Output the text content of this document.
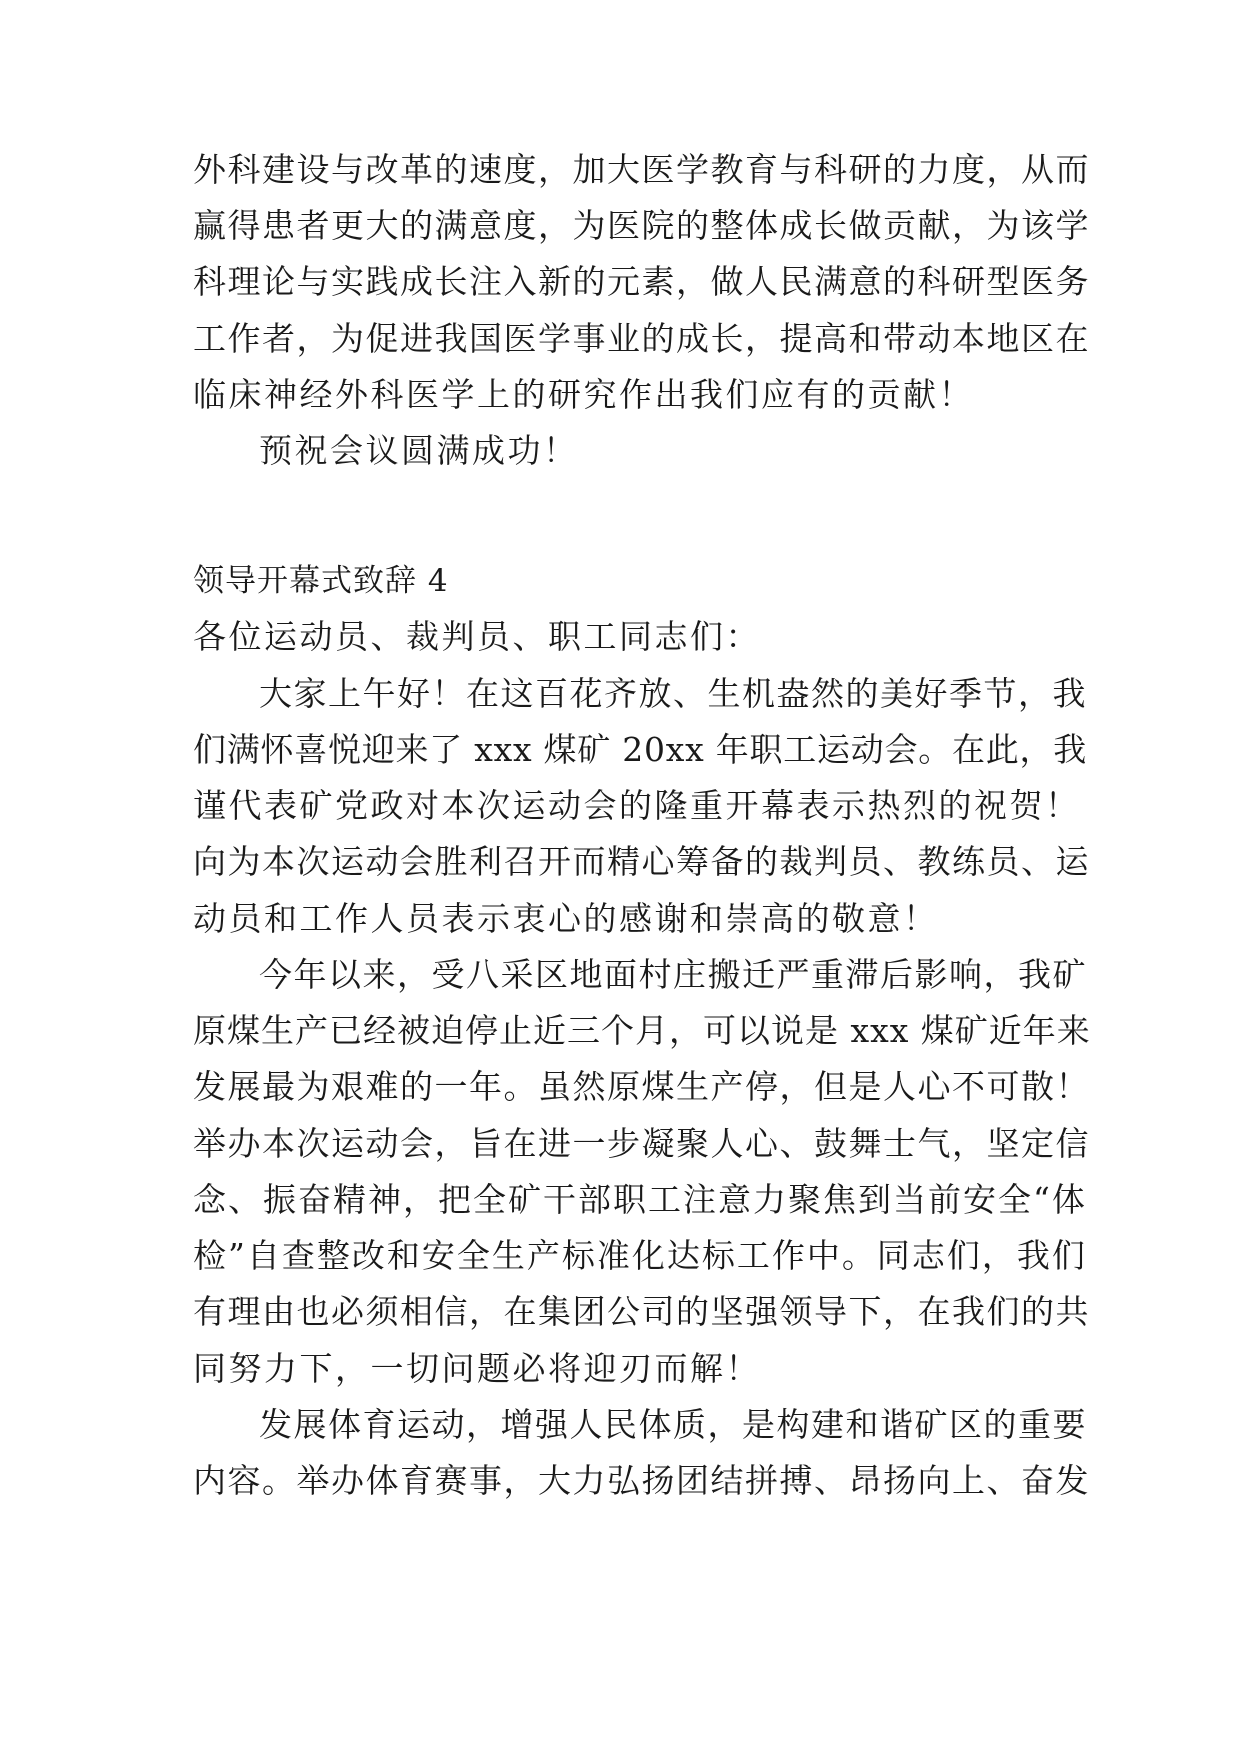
外科建设与改革的速度，加大医学教育与科研的力度，从而
赢得患者更大的满意度，为医院的整体成长做贡献，为该学
科理论与实践成长注入新的元素，做人民满意的科研型医务
工作者，为促进我国医学事业的成长，提高和带动本地区在
临床神经外科医学上的研究作出我们应有的贡献！
预祝会议圆满成功！
领导开幕式致辞 4
各位运动员、裁判员、职工同志们：
大家上午好！在这百花齐放、生机盎然的美好季节，我
们满怀喜悦迎来了 xxx 煤矿 20xx 年职工运动会。在此，我
谨代表矿党政对本次运动会的隆重开幕表示热烈的祝贺！
向为本次运动会胜利召开而精心筹备的裁判员、教练员、运
动员和工作人员表示衷心的感谢和崇高的敬意！
今年以来，受八采区地面村庄搬迁严重滞后影响，我矿
原煤生产已经被迫停止近三个月，可以说是 xxx 煤矿近年来
发展最为艰难的一年。虽然原煤生产停，但是人心不可散！
举办本次运动会，旨在进一步凝聚人心、鼓舞士气，坚定信
念、振奋精神，把全矿干部职工注意力聚焦到当前安全“体
检”自查整改和安全生产标准化达标工作中。同志们，我们
有理由也必须相信，在集团公司的坚强领导下，在我们的共
同努力下，一切问题必将迎刃而解！
发展体育运动，增强人民体质，是构建和谐矿区的重要
内容。举办体育赛事，大力弘扬团结拼搏、昂扬向上、奋发
